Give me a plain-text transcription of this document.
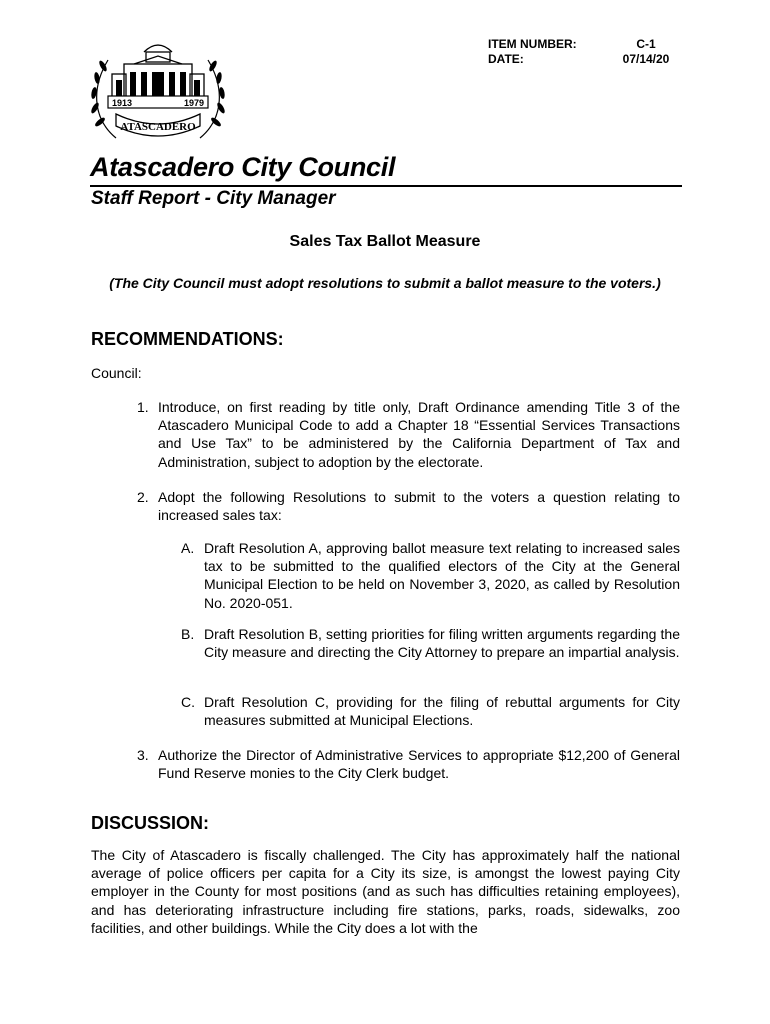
1913	1979
ATASCADERO
ITEM NUMBER:
DATE:
C-1
07/14/20
Atascadero City Council
Staff Report - City Manager
Sales Tax Ballot Measure
(The City Council must adopt resolutions to submit a ballot measure to the voters.)
RECOMMENDATIONS:
Council:
1. Introduce, on first reading by title only, Draft Ordinance amending Title 3 of the Atascadero Municipal Code to add a Chapter 18 “Essential Services Transactions and Use Tax” to be administered by the California Department of Tax and Administration, subject to adoption by the electorate.
2. Adopt the following Resolutions to submit to the voters a question relating to increased sales tax:
A. Draft Resolution A, approving ballot measure text relating to increased sales tax to be submitted to the qualified electors of the City at the General Municipal Election to be held on November 3, 2020, as called by Resolution No. 2020-051.
B. Draft Resolution B, setting priorities for filing written arguments regarding the City measure and directing the City Attorney to prepare an impartial analysis.
C. Draft Resolution C, providing for the filing of rebuttal arguments for City measures submitted at Municipal Elections.
3. Authorize the Director of Administrative Services to appropriate $12,200 of General Fund Reserve monies to the City Clerk budget.
DISCUSSION:
The City of Atascadero is fiscally challenged. The City has approximately half the national average of police officers per capita for a City its size, is amongst the lowest paying City employer in the County for most positions (and as such has difficulties retaining employees), and has deteriorating infrastructure including fire stations, parks, roads, sidewalks, zoo facilities, and other buildings. While the City does a lot with the
